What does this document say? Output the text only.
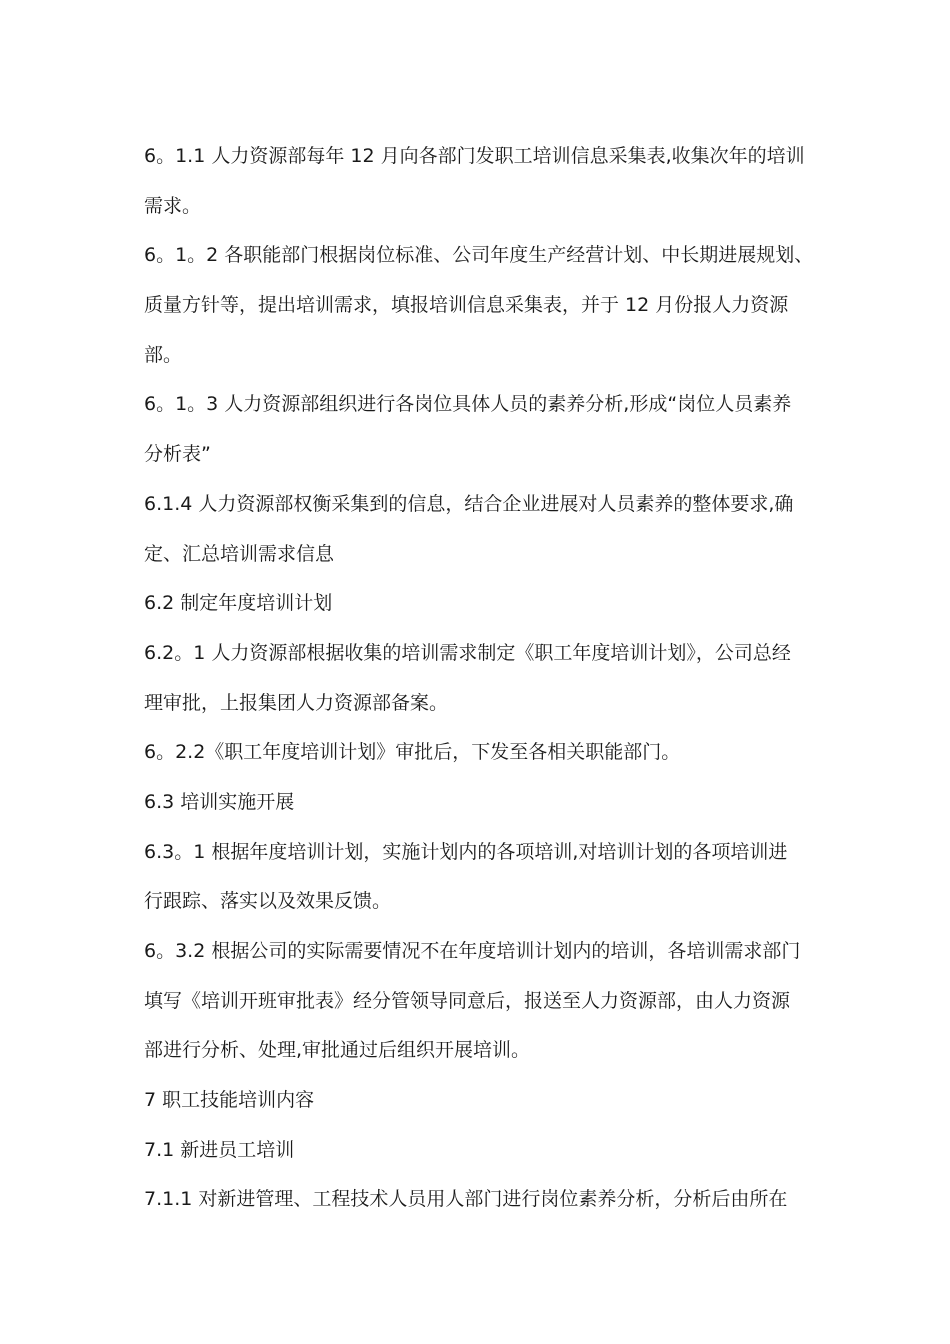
6。1.1 人力资源部每年 12 月向各部门发职工培训信息采集表,收集次年的培训
需求。
6。1。2 各职能部门根据岗位标准、公司年度生产经营计划、中长期进展规划、
质量方针等，提出培训需求，填报培训信息采集表，并于 12 月份报人力资源
部。
6。1。3 人力资源部组织进行各岗位具体人员的素养分析,形成“岗位人员素养
分析表”
6.1.4 人力资源部权衡采集到的信息，结合企业进展对人员素养的整体要求,确
定、汇总培训需求信息
6.2 制定年度培训计划
6.2。1 人力资源部根据收集的培训需求制定《职工年度培训计划》，公司总经
理审批，上报集团人力资源部备案。
6。2.2《职工年度培训计划》审批后，下发至各相关职能部门。
6.3 培训实施开展
6.3。1 根据年度培训计划，实施计划内的各项培训,对培训计划的各项培训进
行跟踪、落实以及效果反馈。
6。3.2 根据公司的实际需要情况不在年度培训计划内的培训，各培训需求部门
填写《培训开班审批表》经分管领导同意后，报送至人力资源部，由人力资源
部进行分析、处理,审批通过后组织开展培训。
7 职工技能培训内容
7.1 新进员工培训
7.1.1 对新进管理、工程技术人员用人部门进行岗位素养分析，分析后由所在
